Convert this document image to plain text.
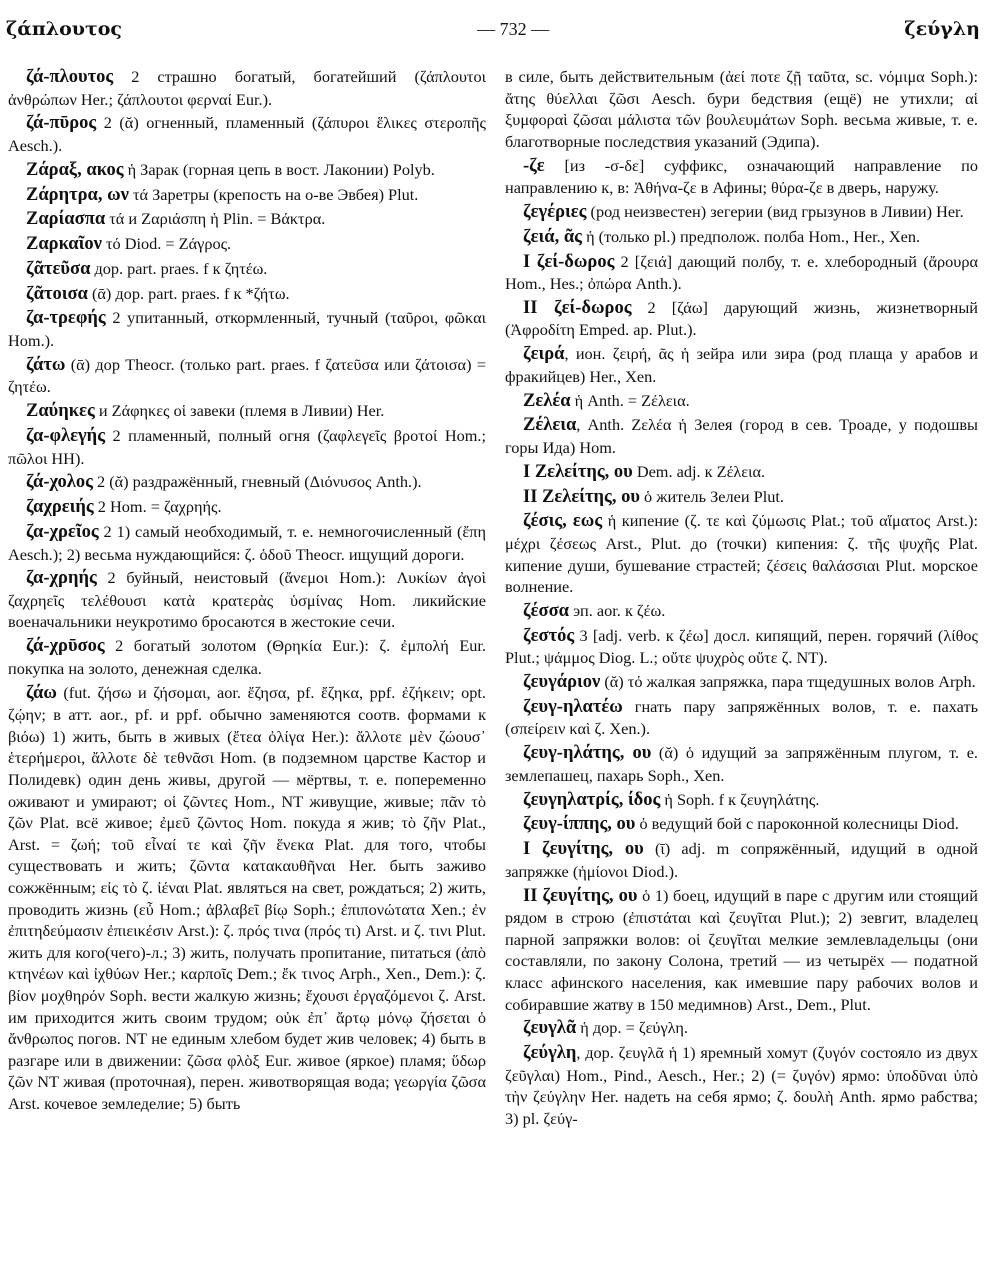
ζάπλουτος	— 732 —	ζεύγλη

ζά-πλουτος 2 страшно богатый, богатейший (ζάπλουτοι ἀνθρώπων Her.; ζάπλουτοι φερναί Eur.).

ζά-πῡρος 2 (ᾰ) огненный, пламенный (ζάπυροι ἕλικες στεροπῆς Aesch.).

Ζάραξ, ακος ἡ Зарак (горная цепь в вост. Лаконии) Polyb.

Ζάρητρα, ων τά Заретры (крепость на о-ве Эвбея) Plut.

Ζαρίασπα τά и Ζαριάσπη ἡ Plin. = Βάκτρα.

Ζαρκαῖον τό Diod. = Ζάγρος.

ζᾶτεῦσα дор. part. praes. f к ζητέω.

ζᾶτοισα (ᾱ) дор. part. praes. f к *ζήτω.

ζα-τρεφής 2 упитанный, откормленный, тучный (ταῦροι, φῶκαι Hom.).

ζάτω (ᾱ) дор Theocr. (только part. praes. f ζατεῦσα или ζάτοισα) = ζητέω.

Ζαύηκες и Ζάφηκες οἱ завеки (племя в Ливии) Her.

ζα-φλεγής 2 пламенный, полный огня (ζαφλεγεῖς βροτοί Hom.; πῶλοι HH).

ζά-χολος 2 (ᾰ) раздражённый, гневный (Διόνυσος Anth.).

ζαχρειής 2 Hom. = ζαχρηής.

ζα-χρεῖος 2 1) самый необходимый, т. е. немногочисленный (ἔπη Aesch.); 2) весьма нуждающийся: ζ. ὁδοῦ Theocr. ищущий дороги.

ζα-χρηής 2 буйный, неистовый (ἄνεμοι Hom.): Λυκίων ἀγοὶ ζαχρηεῖς τελέθουσι κατὰ κρατερὰς ὑσμίνας Hom. ликийские военачальники неукротимо бросаются в жестокие сечи.

ζά-χρῡσος 2 богатый золотом (Θρηκία Eur.): ζ. ἐμπολή Eur. покупка на золото, денежная сделка.

ζάω (fut. ζήσω и ζήσομαι, aor. ἔζησα, pf. ἔζηκα, ppf. ἐζήκειν; opt. ζῴην; в атт. aor., pf. и ppf. обычно заменяются соотв. формами к βιόω) 1) жить, быть в живых (ἔτεα ὀλίγα Her.): ἄλλοτε μὲν ζώουσ᾽ ἑτερήμεροι, ἄλλοτε δὲ τεθνᾶσι Hom. (в подземном царстве Кастор и Полидевк) один день живы, другой — мёртвы, т. е. попеременно оживают и умирают; οἱ ζῶντες Hom., NT живущие, живые; πᾶν τὸ ζῶν Plat. всё живое; ἐμεῦ ζῶντος Hom. покуда я жив; τὸ ζῆν Plat., Arst. = ζωή; τοῦ εἶναί τε καὶ ζῆν ἕνεκα Plat. для того, чтобы существовать и жить; ζῶντα κατακαυθῆναι Her. быть заживо сожжённым; εἰς τὸ ζ. ἰέναι Plat. являться на свет, рождаться; 2) жить, проводить жизнь (εὖ Hom.; ἀβλαβεῖ βίῳ Soph.; ἐπιπονώτατα Xen.; ἐν ἐπιτηδεύμασιν ἐπιεικέσιν Arst.): ζ. πρός τινα (πρός τι) Arst. и ζ. τινι Plut. жить для кого(чего)-л.; 3) жить, получать пропитание, питаться (ἀπὸ κτηνέων καὶ ἰχθύων Her.; καρποῖς Dem.; ἔκ τινος Arph., Xen., Dem.): ζ. βίον μοχθηρόν Soph. вести жалкую жизнь; ἔχουσι ἐργαζόμενοι ζ. Arst. им приходится жить своим трудом; οὐκ ἐπ᾽ ἄρτῳ μόνῳ ζήσεται ὁ ἄνθρωπος погов. NT не единым хлебом будет жив человек; 4) быть в разгаре или в движении: ζῶσα φλὸξ Eur. живое (яркое) пламя; ὕδωρ ζῶν NT живая (проточная), перен. животворящая вода; γεωργία ζῶσα Arst. кочевое земледелие; 5) быть

в силе, быть действительным (ἀεί ποτε ζῇ ταῦτα, sc. νόμιμα Soph.): ἄτης θύελλαι ζῶσι Aesch. бури бедствия (ещё) не утихли; αἱ ξυμφοραὶ ζῶσαι μάλιστα τῶν βουλευμάτων Soph. весьма живые, т. е. благотворные последствия указаний (Эдипа).

-ζε [из -σ-δε] суффикс, означающий направление по направлению к, в: Ἀθήνα-ζε в Афины; θύρα-ζε в дверь, наружу.

ζεγέριες (род неизвестен) зегерии (вид грызунов в Ливии) Her.

ζειά, ᾶς ἡ (только pl.) предполож. полба Hom., Her., Xen.

I ζεί-δωρος 2 [ζειά] дающий полбу, т. е. хлебородный (ἄρουρα Hom., Hes.; ὀπώρα Anth.).

II ζεί-δωρος 2 [ζάω] дарующий жизнь, жизнетворный (Ἀφροδίτη Emped. ap. Plut.).

ζειρά, ион. ζειρή, ᾶς ἡ зейра или зира (род плаща у арабов и фракийцев) Her., Xen.

Ζελέα ἡ Anth. = Ζέλεια.

Ζέλεια, Anth. Ζελέα ἡ Зелея (город в сев. Троаде, у подошвы горы Ида) Hom.

I Ζελείτης, ου Dem. adj. к Ζέλεια.

II Ζελείτης, ου ὁ житель Зелеи Plut.

ζέσις, εως ἡ кипение (ζ. τε καὶ ζύμωσις Plat.; τοῦ αἵματος Arst.): μέχρι ζέσεως Arst., Plut. до (точки) кипения: ζ. τῆς ψυχῆς Plat. кипение души, бушевание страстей; ζέσεις θαλάσσιαι Plut. морское волнение.

ζέσσα эп. aor. к ζέω.

ζεστός 3 [adj. verb. к ζέω] досл. кипящий, перен. горячий (λίθος Plut.; ψάμμος Diog. L.; οὔτε ψυχρὸς οὔτε ζ. NT).

ζευγάριον (ᾰ) τό жалкая запряжка, пара тщедушных волов Arph.

ζευγ-ηλατέω гнать пару запряжённых волов, т. е. пахать (σπείρειν καὶ ζ. Xen.).

ζευγ-ηλάτης, ου (ᾰ) ὁ идущий за запряжённым плугом, т. е. землепашец, пахарь Soph., Xen.

ζευγηλατρίς, ίδος ἡ Soph. f к ζευγηλάτης.

ζευγ-ίππης, ου ὁ ведущий бой с пароконной колесницы Diod.

I ζευγίτης, ου (ῑ) adj. m сопряжённый, идущий в одной запряжке (ἡμίονοι Diod.).

II ζευγίτης, ου ὁ 1) боец, идущий в паре с другим или стоящий рядом в строю (ἐπιστάται καὶ ζευγῖται Plut.); 2) зевгит, владелец парной запряжки волов: οἱ ζευγῖται мелкие землевладельцы (они составляли, по закону Солона, третий — из четырёх — податной класс афинского населения, как имевшие пару рабочих волов и собиравшие жатву в 150 медимнов) Arst., Dem., Plut.

ζευγλᾶ ἡ дор. = ζεύγλη.

ζεύγλη, дор. ζευγλᾶ ἡ 1) яремный хомут (ζυγόν состояло из двух ζεῦγλαι) Hom., Pind., Aesch., Her.; 2) (= ζυγόν) ярмо: ὑποδῦναι ὑπὸ τὴν ζεύγλην Her. надеть на себя ярмо; ζ. δουλὴ Anth. ярмо рабства; 3) pl. ζεύγ-
